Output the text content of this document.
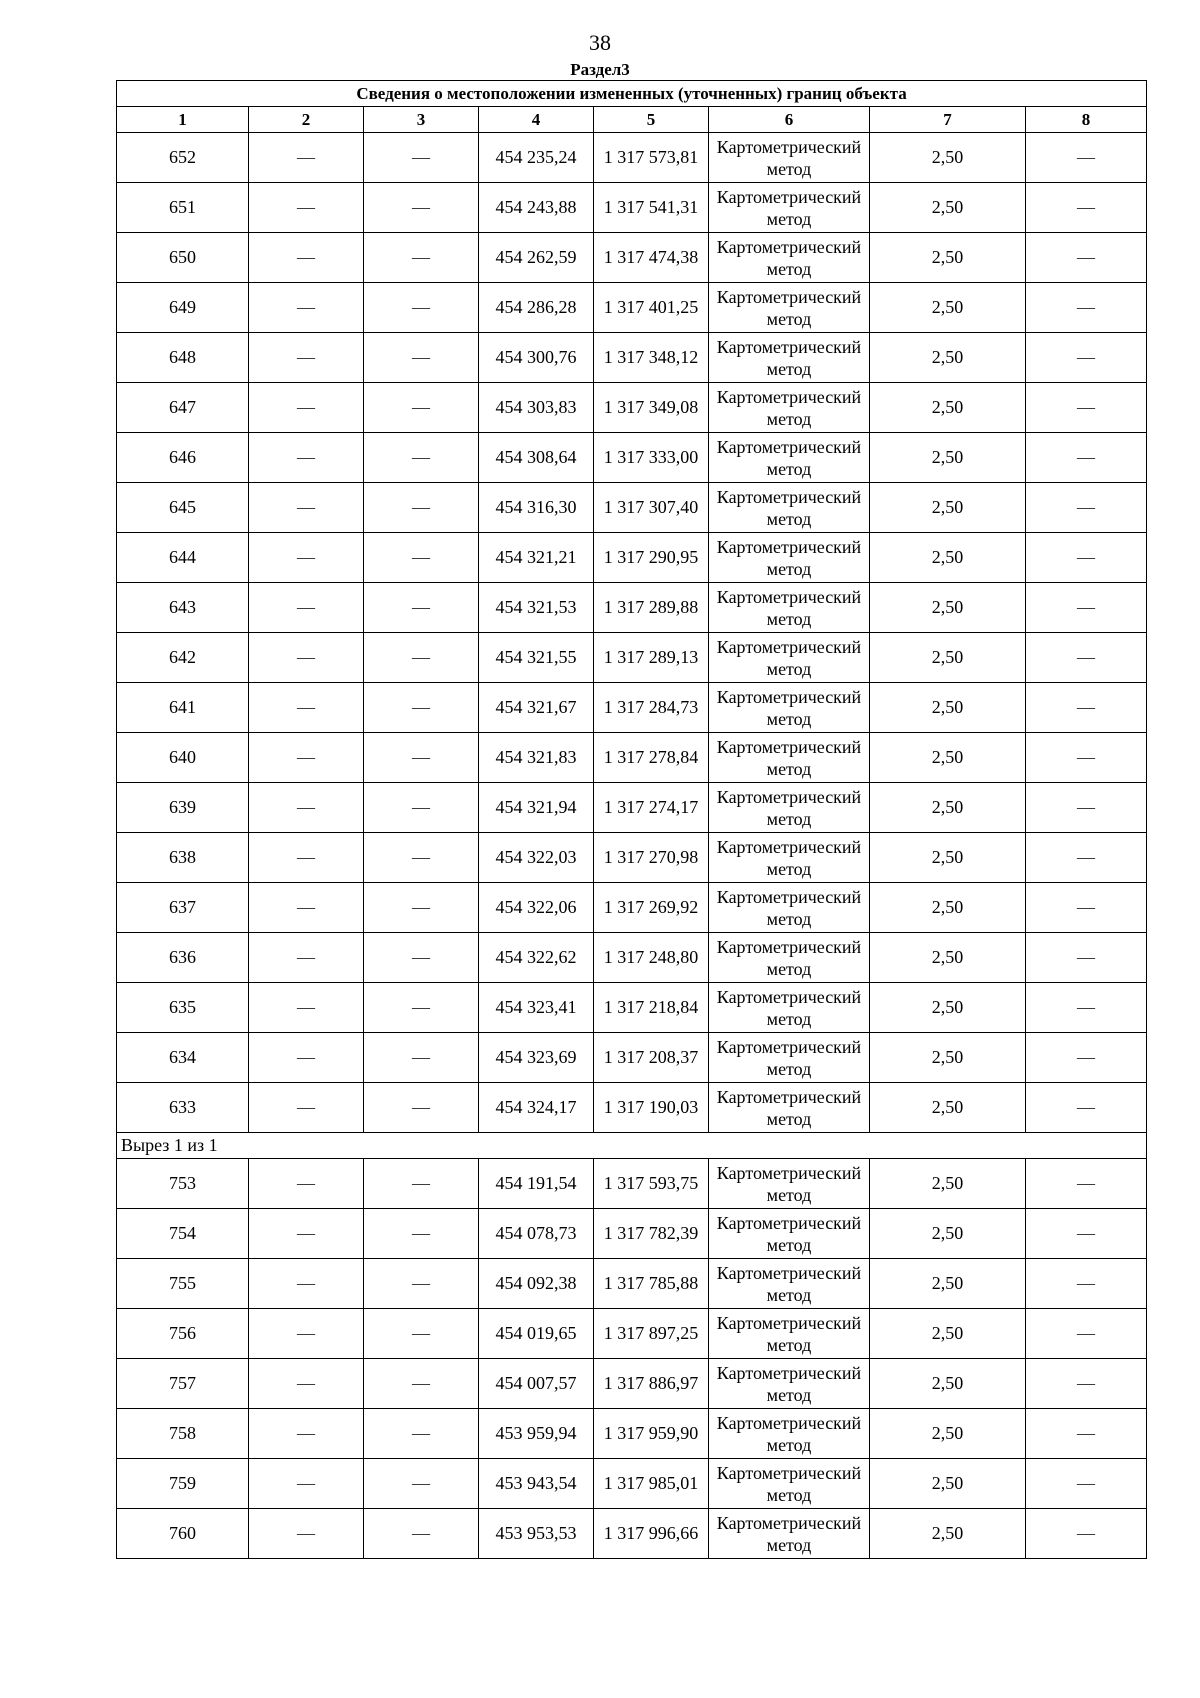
38
Раздел3
Сведения о местоположении измененных (уточненных) границ объекта							
1	2	3	4	5	6	7	8
652	—	—	454 235,24	1 317 573,81	Картометрический метод	2,50	—
651	—	—	454 243,88	1 317 541,31	Картометрический метод	2,50	—
650	—	—	454 262,59	1 317 474,38	Картометрический метод	2,50	—
649	—	—	454 286,28	1 317 401,25	Картометрический метод	2,50	—
648	—	—	454 300,76	1 317 348,12	Картометрический метод	2,50	—
647	—	—	454 303,83	1 317 349,08	Картометрический метод	2,50	—
646	—	—	454 308,64	1 317 333,00	Картометрический метод	2,50	—
645	—	—	454 316,30	1 317 307,40	Картометрический метод	2,50	—
644	—	—	454 321,21	1 317 290,95	Картометрический метод	2,50	—
643	—	—	454 321,53	1 317 289,88	Картометрический метод	2,50	—
642	—	—	454 321,55	1 317 289,13	Картометрический метод	2,50	—
641	—	—	454 321,67	1 317 284,73	Картометрический метод	2,50	—
640	—	—	454 321,83	1 317 278,84	Картометрический метод	2,50	—
639	—	—	454 321,94	1 317 274,17	Картометрический метод	2,50	—
638	—	—	454 322,03	1 317 270,98	Картометрический метод	2,50	—
637	—	—	454 322,06	1 317 269,92	Картометрический метод	2,50	—
636	—	—	454 322,62	1 317 248,80	Картометрический метод	2,50	—
635	—	—	454 323,41	1 317 218,84	Картометрический метод	2,50	—
634	—	—	454 323,69	1 317 208,37	Картометрический метод	2,50	—
633	—	—	454 324,17	1 317 190,03	Картометрический метод	2,50	—
Вырез 1 из 1							
753	—	—	454 191,54	1 317 593,75	Картометрический метод	2,50	—
754	—	—	454 078,73	1 317 782,39	Картометрический метод	2,50	—
755	—	—	454 092,38	1 317 785,88	Картометрический метод	2,50	—
756	—	—	454 019,65	1 317 897,25	Картометрический метод	2,50	—
757	—	—	454 007,57	1 317 886,97	Картометрический метод	2,50	—
758	—	—	453 959,94	1 317 959,90	Картометрический метод	2,50	—
759	—	—	453 943,54	1 317 985,01	Картометрический метод	2,50	—
760	—	—	453 953,53	1 317 996,66	Картометрический метод	2,50	—
